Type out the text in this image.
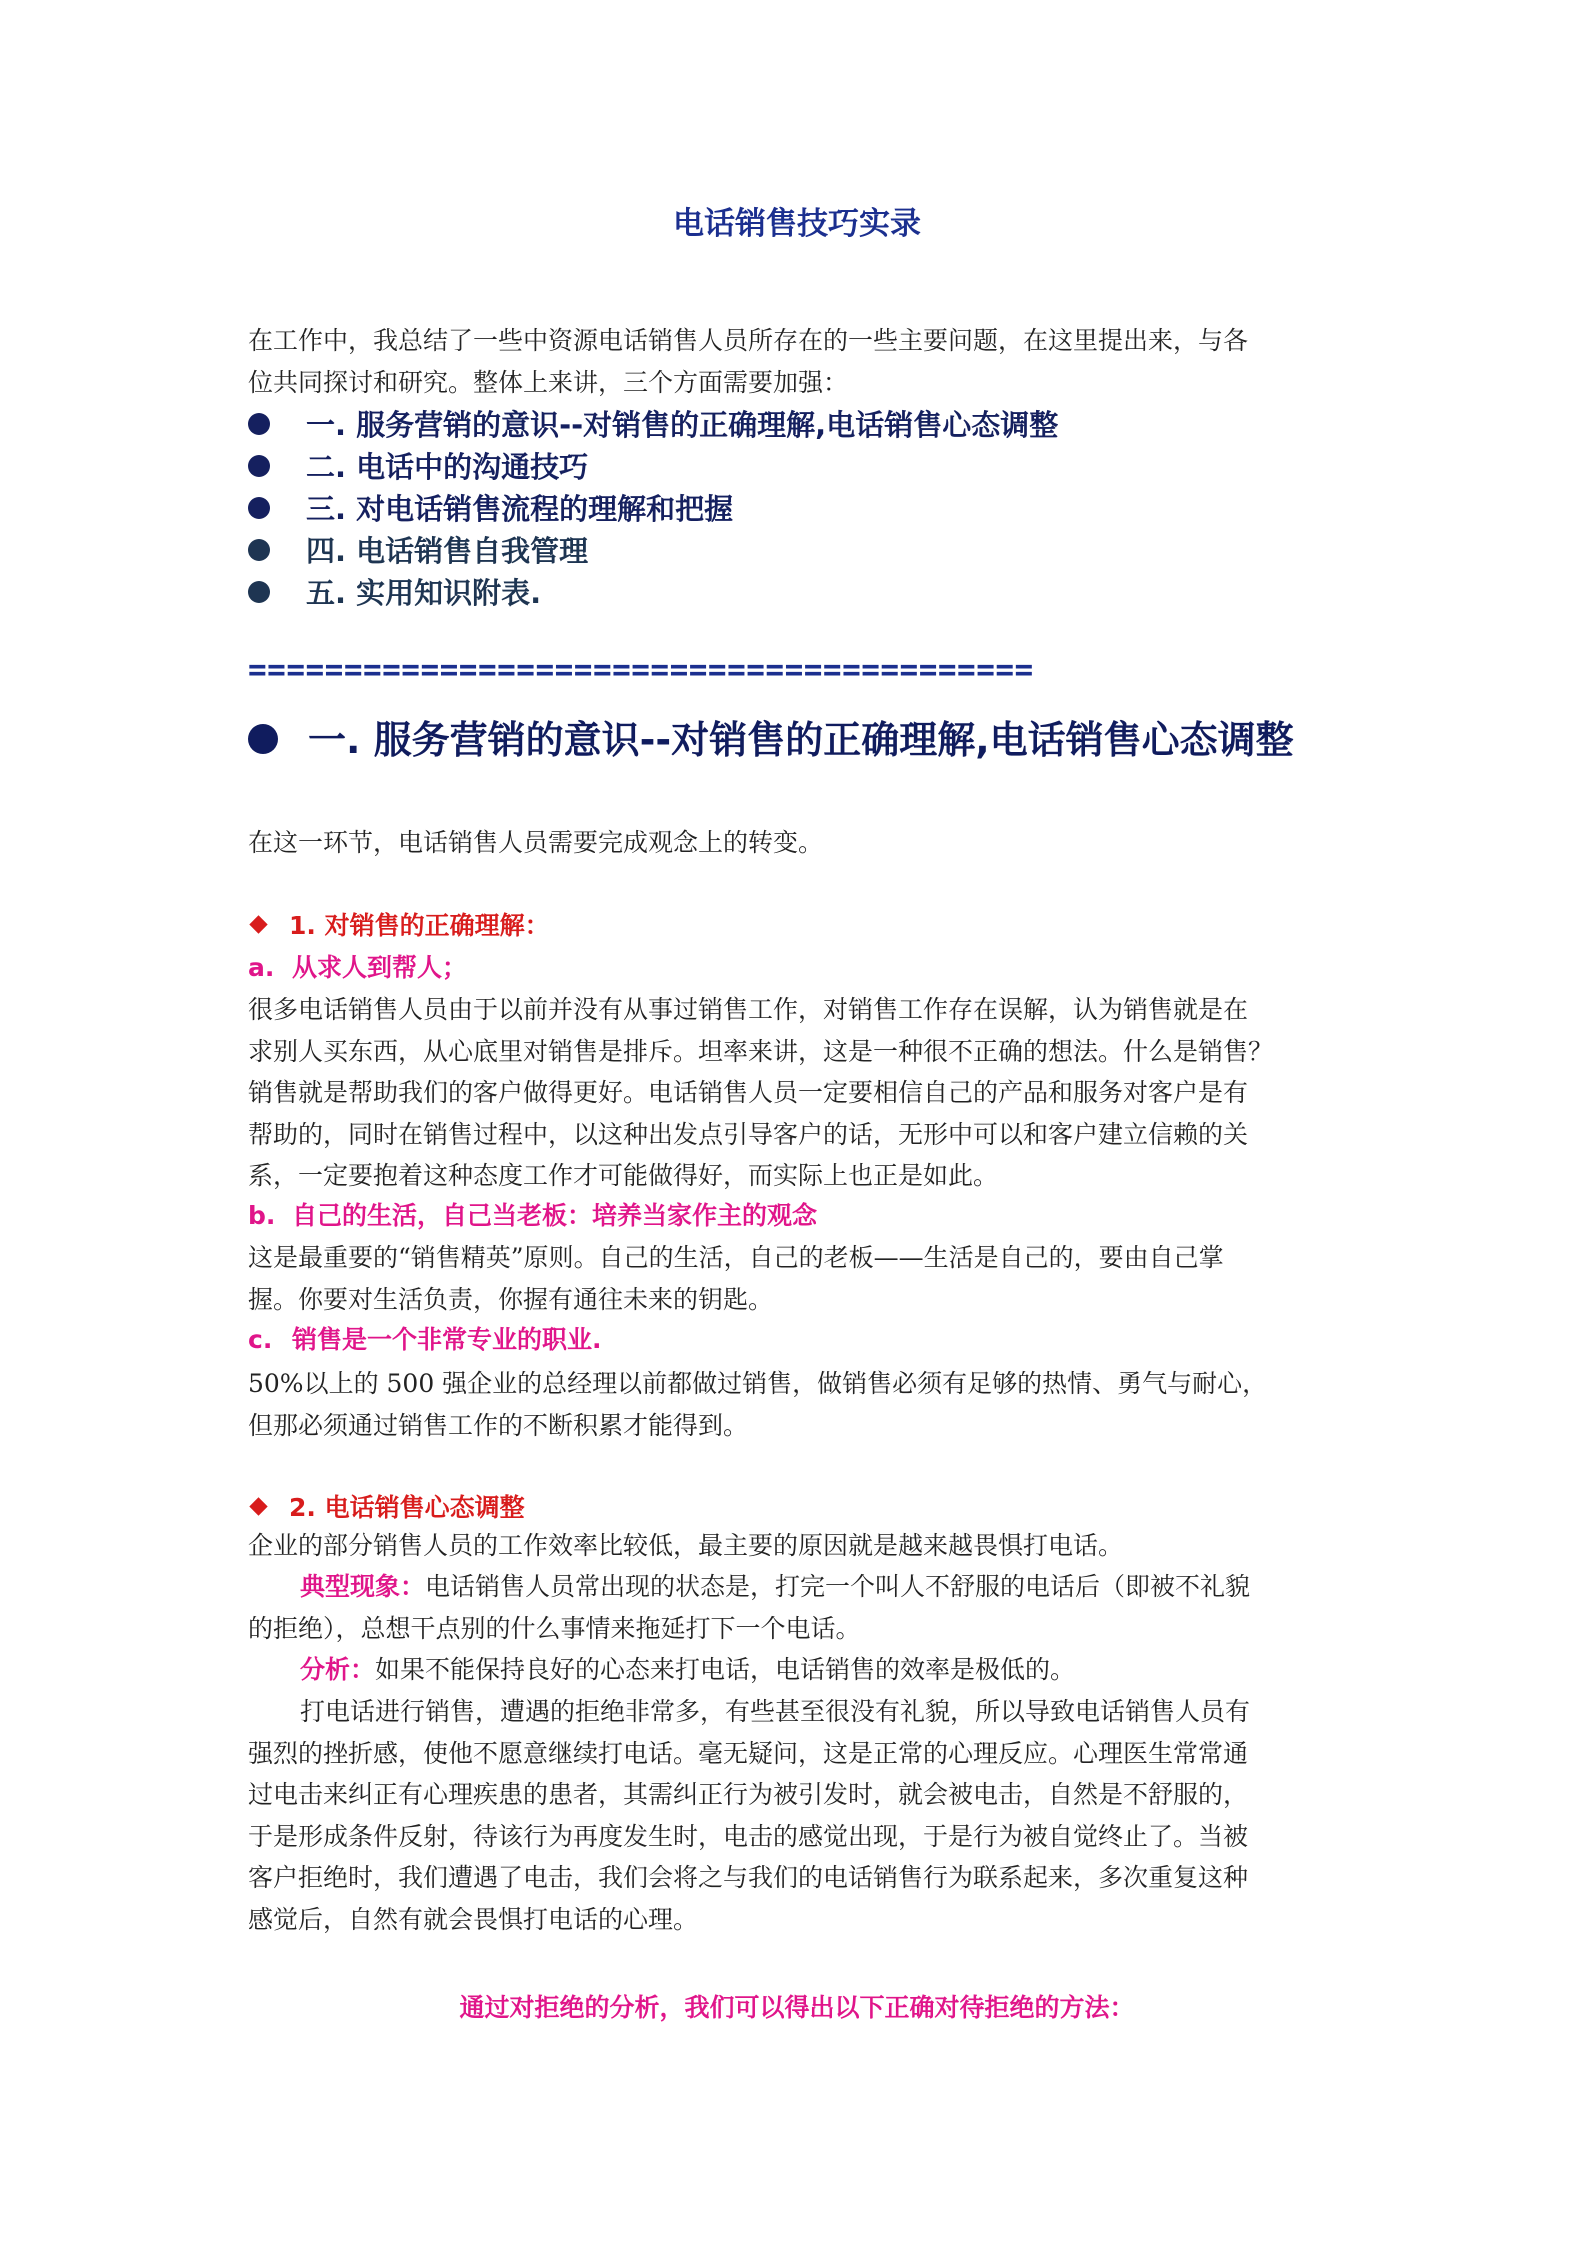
电话销售技巧实录
在工作中，我总结了一些中资源电话销售人员所存在的一些主要问题，在这里提出来，与各
位共同探讨和研究。整体上来讲，三个方面需要加强：
一. 服务营销的意识--对销售的正确理解,电话销售心态调整
二. 电话中的沟通技巧
三. 对电话销售流程的理解和把握
四. 电话销售自我管理
五. 实用知识附表.
=========================================
一. 服务营销的意识--对销售的正确理解,电话销售心态调整

在这一环节，电话销售人员需要完成观念上的转变。

1. 对销售的正确理解：
a. 从求人到帮人；
很多电话销售人员由于以前并没有从事过销售工作，对销售工作存在误解，认为销售就是在
求别人买东西，从心底里对销售是排斥。坦率来讲，这是一种很不正确的想法。什么是销售？
销售就是帮助我们的客户做得更好。电话销售人员一定要相信自己的产品和服务对客户是有
帮助的，同时在销售过程中，以这种出发点引导客户的话，无形中可以和客户建立信赖的关
系，一定要抱着这种态度工作才可能做得好，而实际上也正是如此。
b. 自己的生活，自己当老板：培养当家作主的观念
这是最重要的“销售精英”原则。自己的生活，自己的老板——生活是自己的，要由自己掌
握。你要对生活负责，你握有通往未来的钥匙。
c. 销售是一个非常专业的职业.
50%以上的 500 强企业的总经理以前都做过销售，做销售必须有足够的热情、勇气与耐心，
但那必须通过销售工作的不断积累才能得到。
2. 电话销售心态调整

企业的部分销售人员的工作效率比较低，最主要的原因就是越来越畏惧打电话。

典型现象：电话销售人员常出现的状态是，打完一个叫人不舒服的电话后（即被不礼貌
的拒绝），总想干点别的什么事情来拖延打下一个电话。
分析：如果不能保持良好的心态来打电话，电话销售的效率是极低的。
打电话进行销售，遭遇的拒绝非常多，有些甚至很没有礼貌，所以导致电话销售人员有
强烈的挫折感，使他不愿意继续打电话。毫无疑问，这是正常的心理反应。心理医生常常通
过电击来纠正有心理疾患的患者，其需纠正行为被引发时，就会被电击，自然是不舒服的，
于是形成条件反射，待该行为再度发生时，电击的感觉出现，于是行为被自觉终止了。当被
客户拒绝时，我们遭遇了电击，我们会将之与我们的电话销售行为联系起来，多次重复这种
感觉后，自然有就会畏惧打电话的心理。
通过对拒绝的分析，我们可以得出以下正确对待拒绝的方法：
